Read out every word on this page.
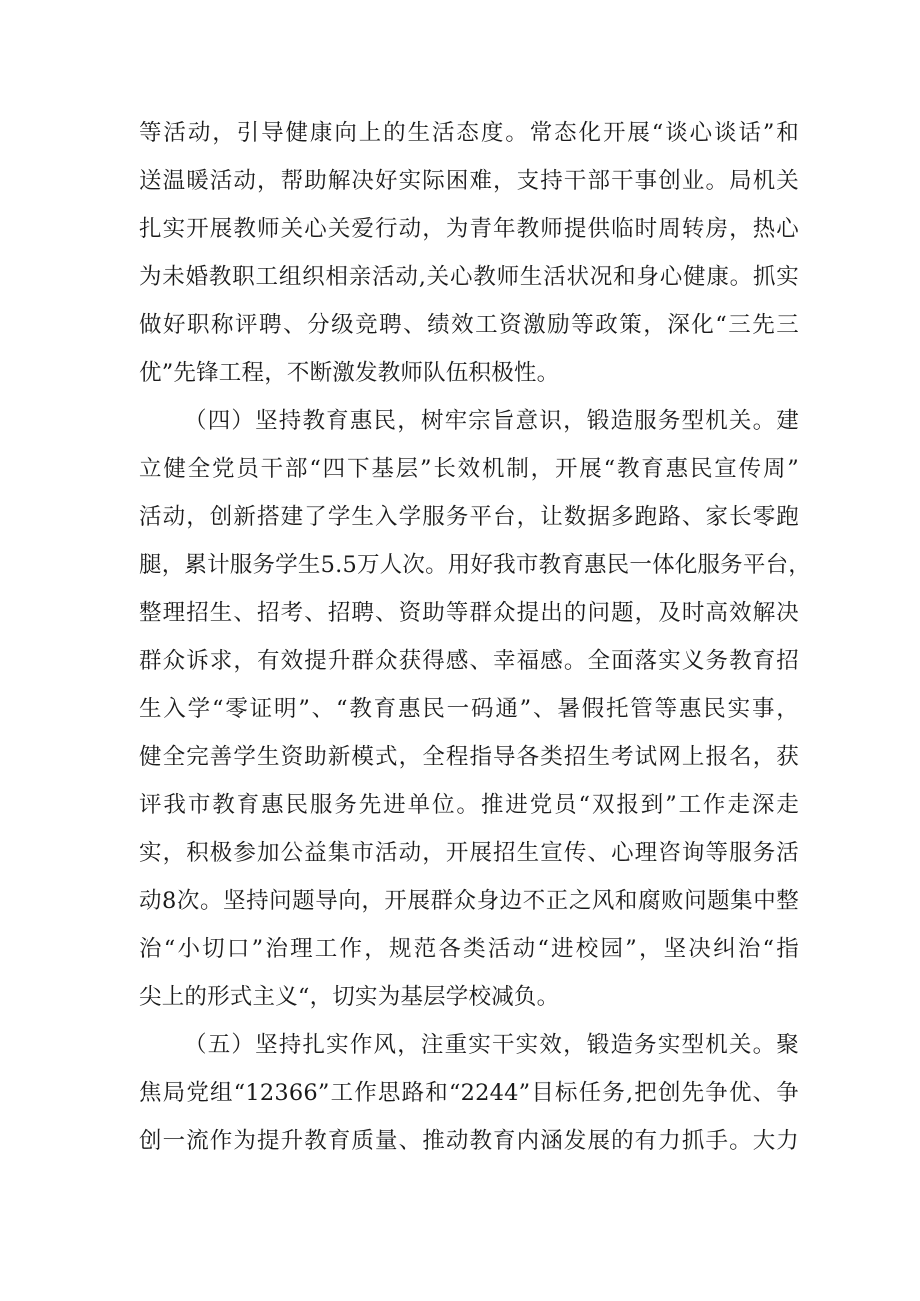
等活动，引导健康向上的生活态度。常态化开展“谈心谈话”和
送温暖活动，帮助解决好实际困难，支持干部干事创业。局机关
扎实开展教师关心关爱行动，为青年教师提供临时周转房，热心
为未婚教职工组织相亲活动,关心教师生活状况和身心健康。抓实
做好职称评聘、分级竞聘、绩效工资激励等政策，深化“三先三
优”先锋工程，不断激发教师队伍积极性。
（四）坚持教育惠民，树牢宗旨意识，锻造服务型机关。建
立健全党员干部“四下基层”长效机制，开展“教育惠民宣传周”
活动，创新搭建了学生入学服务平台，让数据多跑路、家长零跑
腿，累计服务学生5.5万人次。用好我市教育惠民一体化服务平台，
整理招生、招考、招聘、资助等群众提出的问题，及时高效解决
群众诉求，有效提升群众获得感、幸福感。全面落实义务教育招
生入学“零证明”、“教育惠民一码通”、暑假托管等惠民实事，
健全完善学生资助新模式，全程指导各类招生考试网上报名，获
评我市教育惠民服务先进单位。推进党员“双报到”工作走深走
实，积极参加公益集市活动，开展招生宣传、心理咨询等服务活
动8次。坚持问题导向，开展群众身边不正之风和腐败问题集中整
治“小切口”治理工作，规范各类活动“进校园”，坚决纠治“指
尖上的形式主义“，切实为基层学校减负。
（五）坚持扎实作风，注重实干实效，锻造务实型机关。聚
焦局党组“12366”工作思路和“2244”目标任务,把创先争优、争
创一流作为提升教育质量、推动教育内涵发展的有力抓手。大力
